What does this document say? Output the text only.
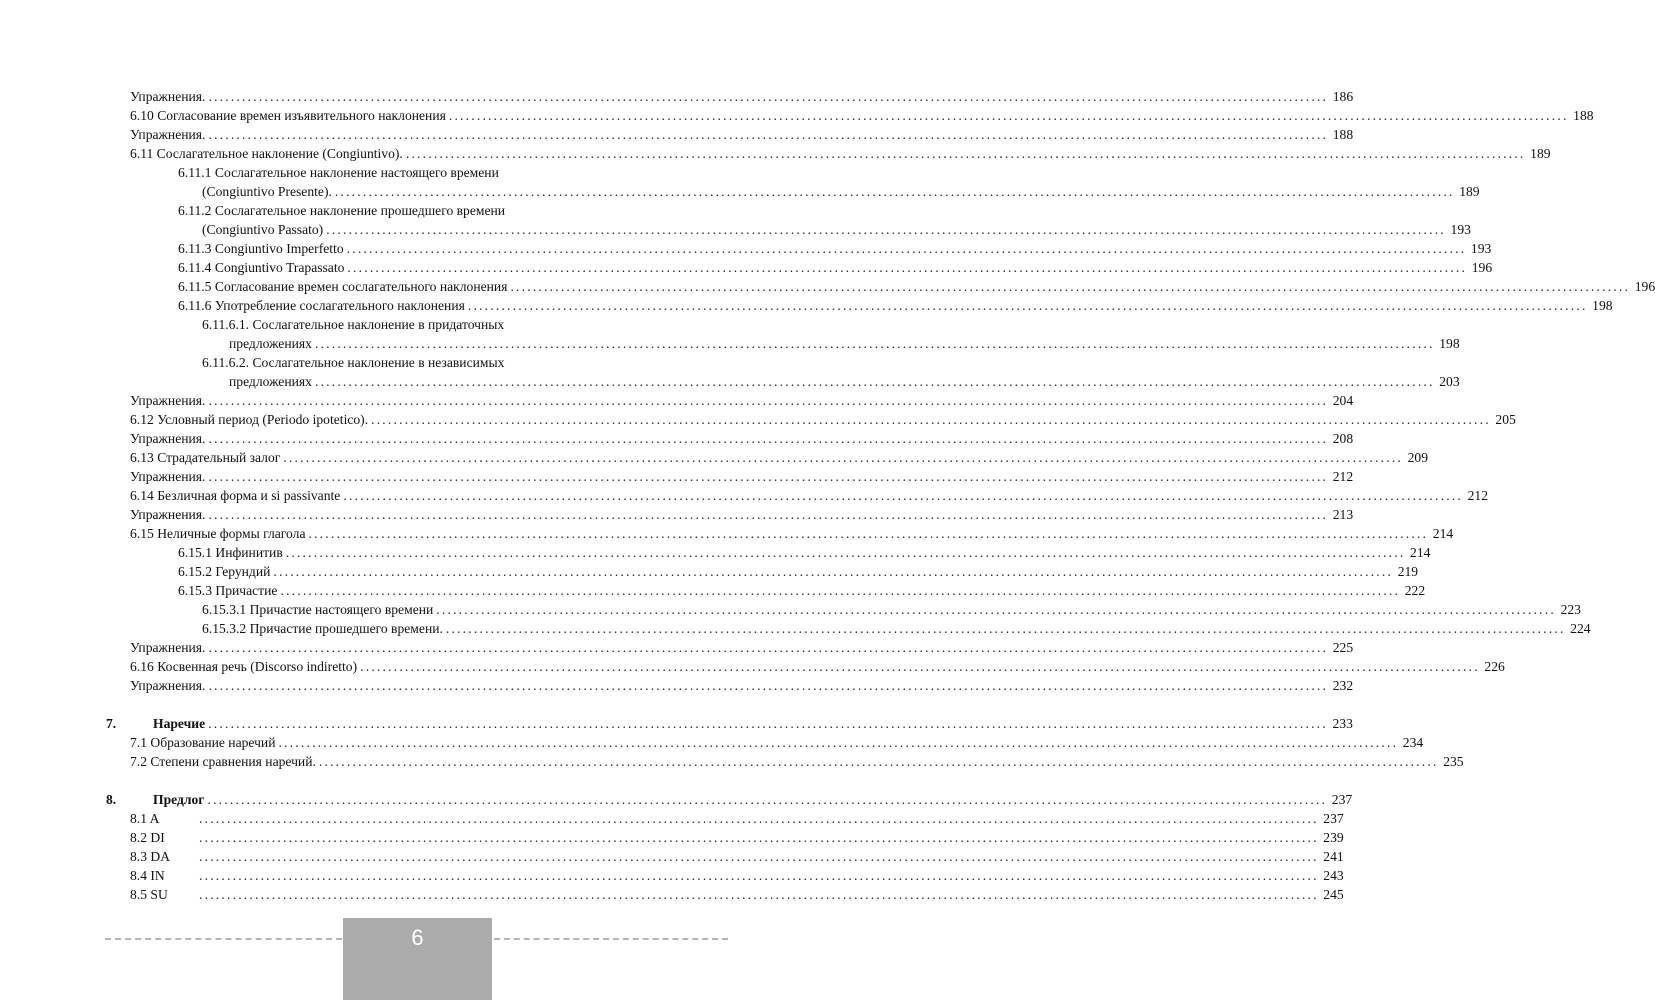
Упражнения. ........................................................................................................................................................................................................ 186
6.10 Согласование времен изъявительного наклонения ........................................................................................................................................................................................................ 188
Упражнения. ........................................................................................................................................................................................................ 188
6.11 Сослагательное наклонение (Congiuntivo). ........................................................................................................................................................................................................ 189
6.11.1 Сослагательное наклонение настоящего времени
(Congiuntivo Presente). ........................................................................................................................................................................................................ 189
6.11.2 Сослагательное наклонение прошедшего времени
(Congiuntivo Passato) ........................................................................................................................................................................................................ 193
6.11.3 Congiuntivo Imperfetto ........................................................................................................................................................................................................ 193
6.11.4 Congiuntivo Trapassato ........................................................................................................................................................................................................ 196
6.11.5 Согласование времен сослагательного наклонения ........................................................................................................................................................................................................ 196
6.11.6 Употребление сослагательного наклонения ........................................................................................................................................................................................................ 198
6.11.6.1. Сослагательное наклонение в придаточных
предложениях ........................................................................................................................................................................................................ 198
6.11.6.2. Сослагательное наклонение в независимых
предложениях ........................................................................................................................................................................................................ 203
Упражнения. ........................................................................................................................................................................................................ 204
6.12 Условный период (Periodo ipotetico). ........................................................................................................................................................................................................ 205
Упражнения. ........................................................................................................................................................................................................ 208
6.13 Страдательный залог ........................................................................................................................................................................................................ 209
Упражнения. ........................................................................................................................................................................................................ 212
6.14 Безличная форма и si passivante ........................................................................................................................................................................................................ 212
Упражнения. ........................................................................................................................................................................................................ 213
6.15 Неличные формы глагола ........................................................................................................................................................................................................ 214
6.15.1 Инфинитив ........................................................................................................................................................................................................ 214
6.15.2 Герундий ........................................................................................................................................................................................................ 219
6.15.3 Причастие ........................................................................................................................................................................................................ 222
6.15.3.1 Причастие настоящего времени ........................................................................................................................................................................................................ 223
6.15.3.2 Причастие прошедшего времени. ........................................................................................................................................................................................................ 224
Упражнения. ........................................................................................................................................................................................................ 225
6.16 Косвенная речь (Discorso indiretto) ........................................................................................................................................................................................................ 226
Упражнения. ........................................................................................................................................................................................................ 232
7.	Наречие ........................................................................................................................................................................................................ 233
7.1 Образование наречий ........................................................................................................................................................................................................ 234
7.2 Степени сравнения наречий. ........................................................................................................................................................................................................ 235
8.	Предлог ........................................................................................................................................................................................................ 237
8.1 A	........................................................................................................................................................................................................ 237
8.2 DI	........................................................................................................................................................................................................ 239
8.3 DA	........................................................................................................................................................................................................ 241
8.4 IN	........................................................................................................................................................................................................ 243
8.5 SU	........................................................................................................................................................................................................ 245
6
